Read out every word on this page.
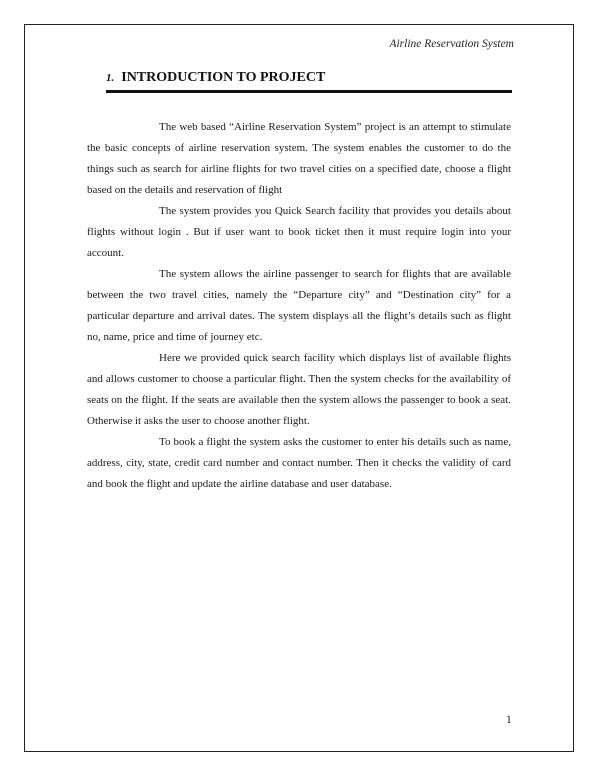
Airline Reservation System
1. INTRODUCTION TO PROJECT

The web based “Airline Reservation System” project is an attempt to stimulate the basic concepts of airline reservation system. The system enables the customer to do the things such as search for airline flights for two travel cities on a specified date, choose a flight based on the details and reservation of flight

The system provides you Quick Search facility that provides you details about flights without login . But if user want to book ticket then it must require login into your account.

The system allows the airline passenger to search for flights that are available between the two travel cities, namely the “Departure city” and “Destination city” for a particular departure and arrival dates. The system displays all the flight’s details such as flight no, name, price and time of journey etc.

Here we provided quick search facility which displays list of available flights and allows customer to choose a particular flight. Then the system checks for the availability of seats on the flight. If the seats are available then the system allows the passenger to book a seat. Otherwise it asks the user to choose another flight.

To book a flight the system asks the customer to enter his details such as name, address, city, state, credit card number and contact number. Then it checks the validity of card and book the flight and update the airline database and user database.

1
